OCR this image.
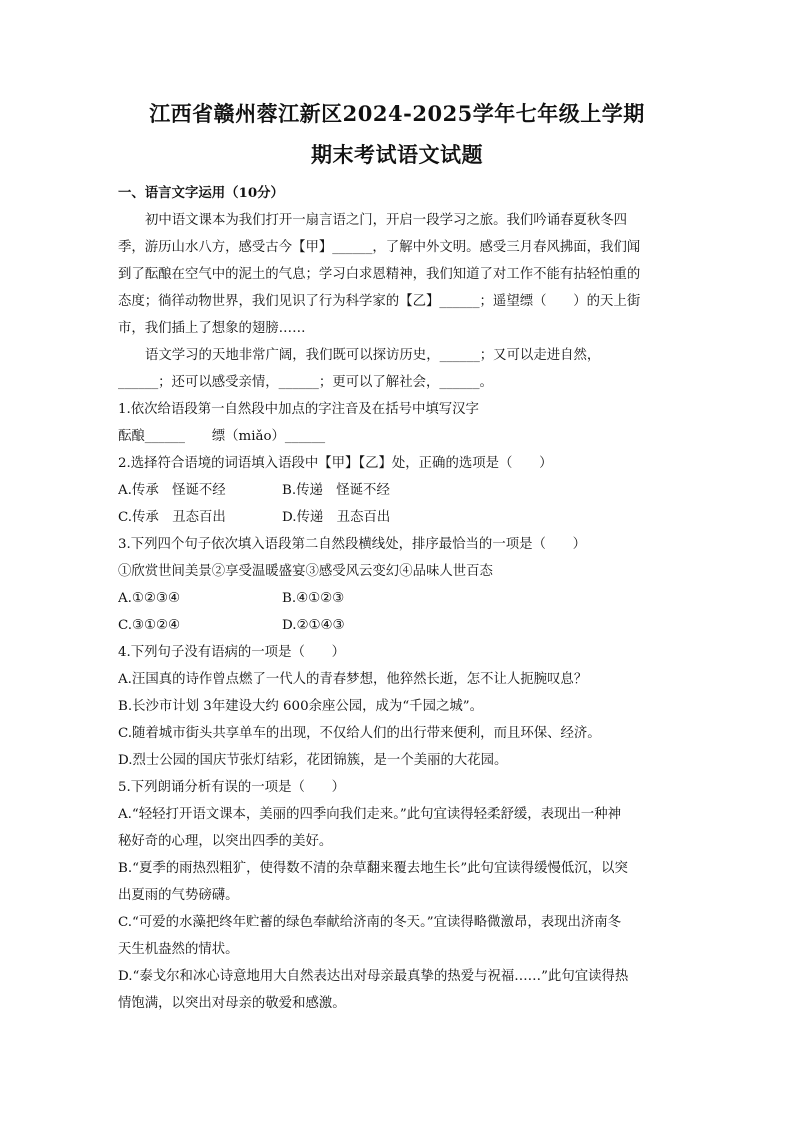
江西省赣州蓉江新区2024-2025学年七年级上学期
期末考试语文试题
一、语言文字运用（10分）
初中语文课本为我们打开一扇言语之门，开启一段学习之旅。我们吟诵春夏秋冬四
季，游历山水八方，感受古今【甲】______，了解中外文明。感受三月春风拂面，我们闻
到了酝酿在空气中的泥土的气息；学习白求恩精神，我们知道了对工作不能有拈轻怕重的
态度；徜徉动物世界，我们见识了行为科学家的【乙】______；遥望缥（　　）的天上街
市，我们插上了想象的翅膀……
语文学习的天地非常广阔，我们既可以探访历史，______；又可以走进自然，
______；还可以感受亲情，______；更可以了解社会，______。
1.依次给语段第一自然段中加点的字注音及在括号中填写汉字
酝酿______　　缥（miǎo）______
2.选择符合语境的词语填入语段中【甲】【乙】处，正确的选项是（　　）
A.传承　怪诞不经	B.传递　怪诞不经
C.传承　丑态百出	D.传递　丑态百出
3.下列四个句子依次填入语段第二自然段横线处，排序最恰当的一项是（　　）
①欣赏世间美景②享受温暖盛宴③感受风云变幻④品味人世百态
A.①②③④	B.④①②③
C.③①②④	D.②①④③
4.下列句子没有语病的一项是（　　）
A.汪国真的诗作曾点燃了一代人的青春梦想，他猝然长逝，怎不让人扼腕叹息？
B.长沙市计划 3年建设大约 600余座公园，成为“千园之城”。
C.随着城市街头共享单车的出现，不仅给人们的出行带来便利，而且环保、经济。
D.烈士公园的国庆节张灯结彩，花团锦簇，是一个美丽的大花园。
5.下列朗诵分析有误的一项是（　　）
A.“轻轻打开语文课本，美丽的四季向我们走来。”此句宜读得轻柔舒缓，表现出一种神
秘好奇的心理，以突出四季的美好。
B.“夏季的雨热烈粗犷，使得数不清的杂草翻来覆去地生长”此句宜读得缓慢低沉，以突
出夏雨的气势磅礴。
C.“可爱的水藻把终年贮蓄的绿色奉献给济南的冬天。”宜读得略微激昂，表现出济南冬
天生机盎然的情状。
D.“泰戈尔和冰心诗意地用大自然表达出对母亲最真挚的热爱与祝福……”此句宜读得热
情饱满，以突出对母亲的敬爱和感激。
